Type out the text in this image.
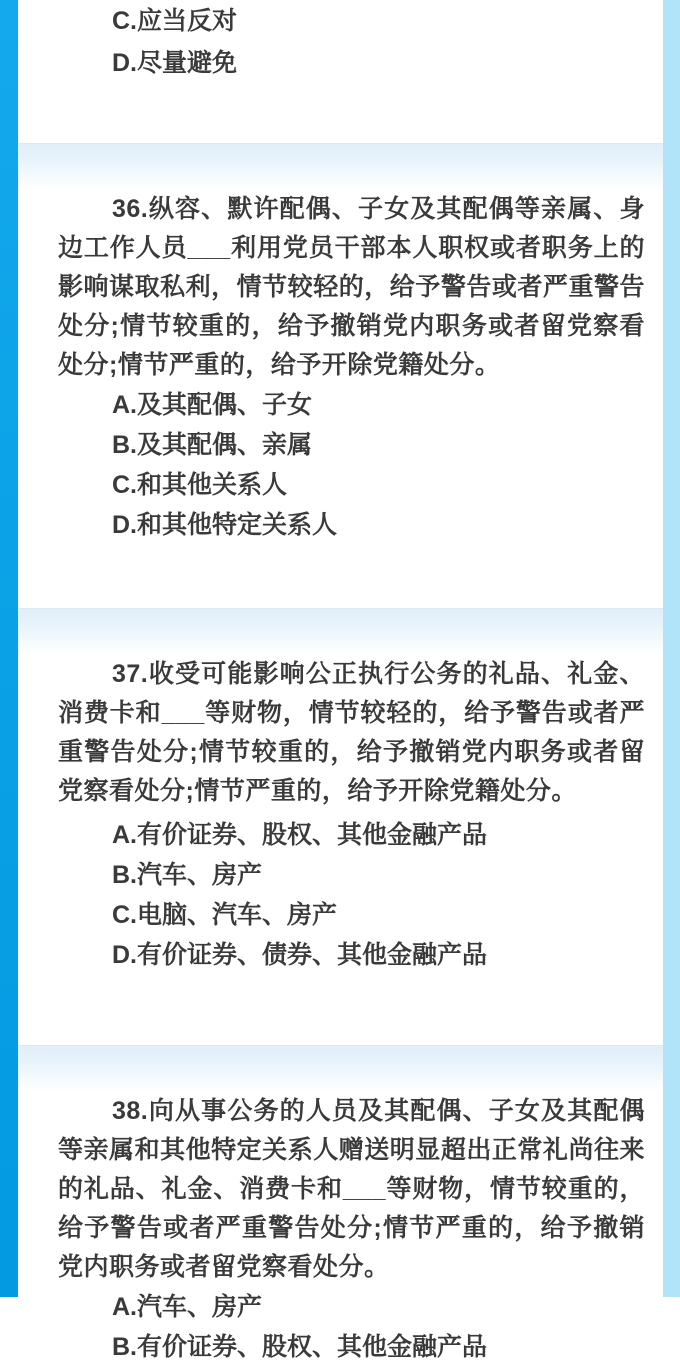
C.应当反对
D.尽量避免

36.纵容、默许配偶、子女及其配偶等亲属、身边工作人员___利用党员干部本人职权或者职务上的影响谋取私利，情节较轻的，给予警告或者严重警告处分;情节较重的，给予撤销党内职务或者留党察看处分;情节严重的，给予开除党籍处分。

A.及其配偶、子女
B.及其配偶、亲属
C.和其他关系人
D.和其他特定关系人

37.收受可能影响公正执行公务的礼品、礼金、消费卡和___等财物，情节较轻的，给予警告或者严重警告处分;情节较重的，给予撤销党内职务或者留党察看处分;情节严重的，给予开除党籍处分。

A.有价证券、股权、其他金融产品
B.汽车、房产
C.电脑、汽车、房产
D.有价证券、债券、其他金融产品

38.向从事公务的人员及其配偶、子女及其配偶等亲属和其他特定关系人赠送明显超出正常礼尚往来的礼品、礼金、消费卡和___等财物，情节较重的，给予警告或者严重警告处分;情节严重的，给予撤销党内职务或者留党察看处分。

A.汽车、房产
B.有价证券、股权、其他金融产品
